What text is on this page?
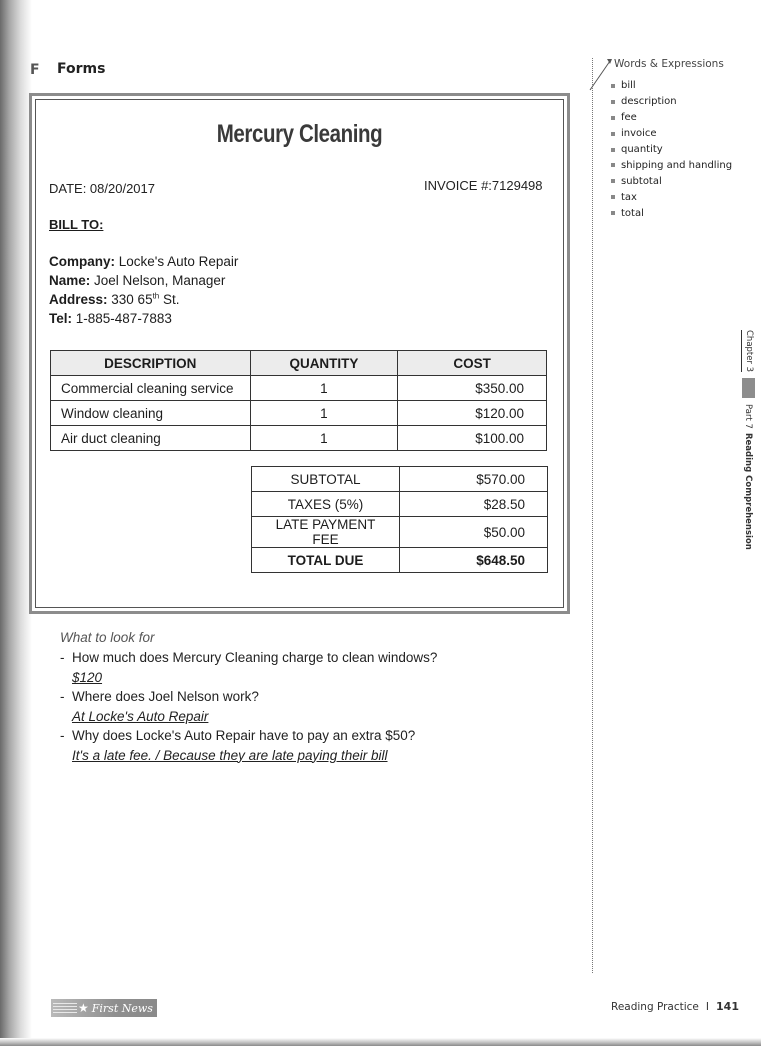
F Forms
Mercury Cleaning
DATE: 08/20/2017	INVOICE #:7129498
BILL TO:
Company: Locke's Auto Repair
Name: Joel Nelson, Manager
Address: 330 65th St.
Tel: 1-885-487-7883
DESCRIPTION	QUANTITY	COST
Commercial cleaning service	1	$350.00
Window cleaning	1	$120.00
Air duct cleaning	1	$100.00
SUBTOTAL	$570.00
TAXES (5%)	$28.50
LATE PAYMENT FEE	$50.00
TOTAL DUE	$648.50
What to look for
- How much does Mercury Cleaning charge to clean windows?
$120
- Where does Joel Nelson work?
At Locke's Auto Repair
- Why does Locke's Auto Repair have to pay an extra $50?
It's a late fee. / Because they are late paying their bill
Words & Expressions
bill
description
fee
invoice
quantity
shipping and handling
subtotal
tax
total
Chapter 3
Part 7
Reading Comprehension
★ First News	Reading Practice I 141
